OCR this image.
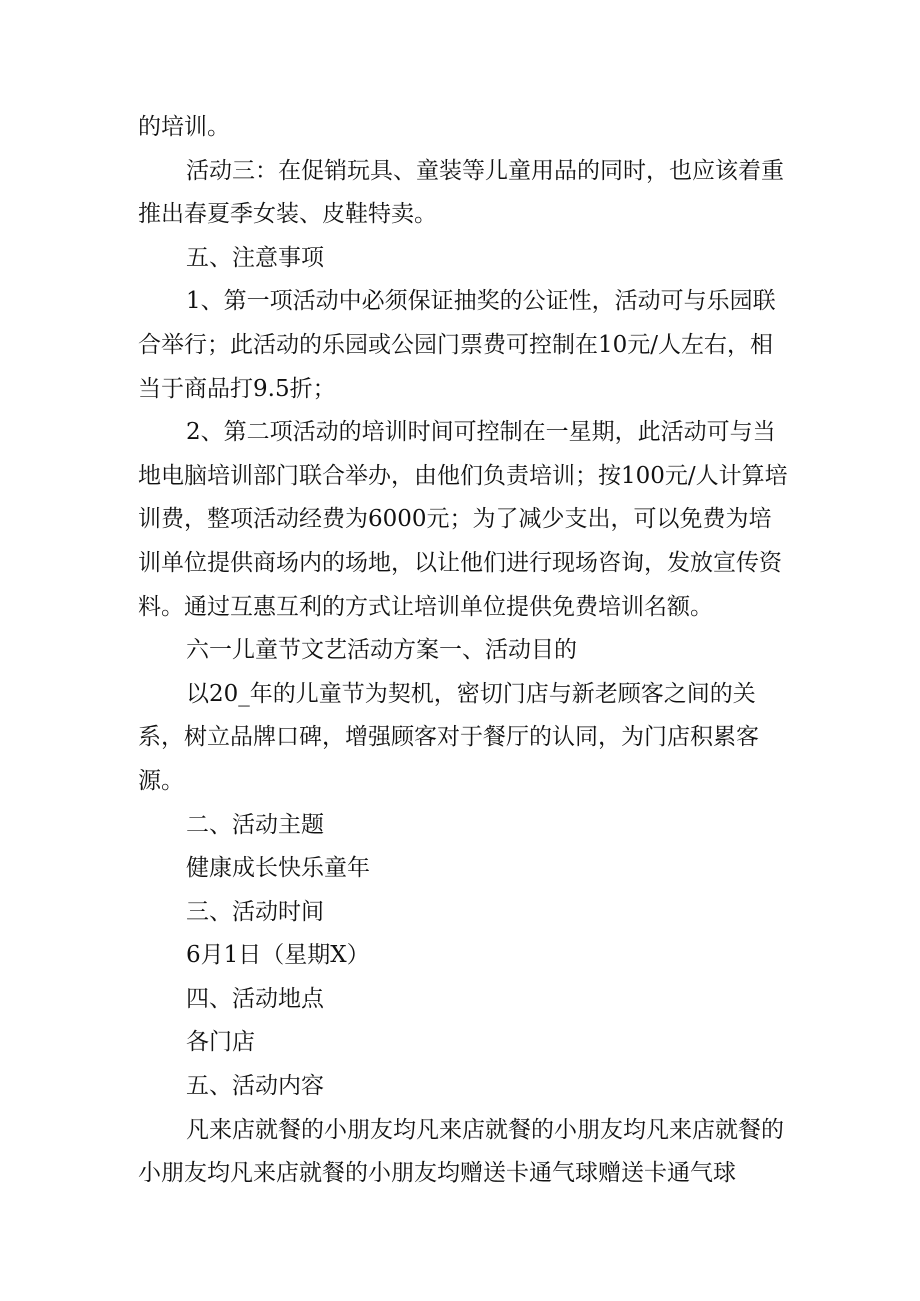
的培训。

活动三：在促销玩具、童装等儿童用品的同时，也应该着重推出春夏季女装、皮鞋特卖。

五、注意事项

1、第一项活动中必须保证抽奖的公证性，活动可与乐园联合举行；此活动的乐园或公园门票费可控制在10元/人左右，相当于商品打9.5折；

2、第二项活动的培训时间可控制在一星期，此活动可与当地电脑培训部门联合举办，由他们负责培训；按100元/人计算培训费，整项活动经费为6000元；为了减少支出，可以免费为培训单位提供商场内的场地，以让他们进行现场咨询，发放宣传资料。通过互惠互利的方式让培训单位提供免费培训名额。

六一儿童节文艺活动方案一、活动目的

以20_年的儿童节为契机，密切门店与新老顾客之间的关系，树立品牌口碑，增强顾客对于餐厅的认同，为门店积累客源。

二、活动主题

健康成长快乐童年

三、活动时间

6月1日（星期X）

四、活动地点

各门店

五、活动内容

凡来店就餐的小朋友均凡来店就餐的小朋友均凡来店就餐的小朋友均凡来店就餐的小朋友均赠送卡通气球赠送卡通气球
